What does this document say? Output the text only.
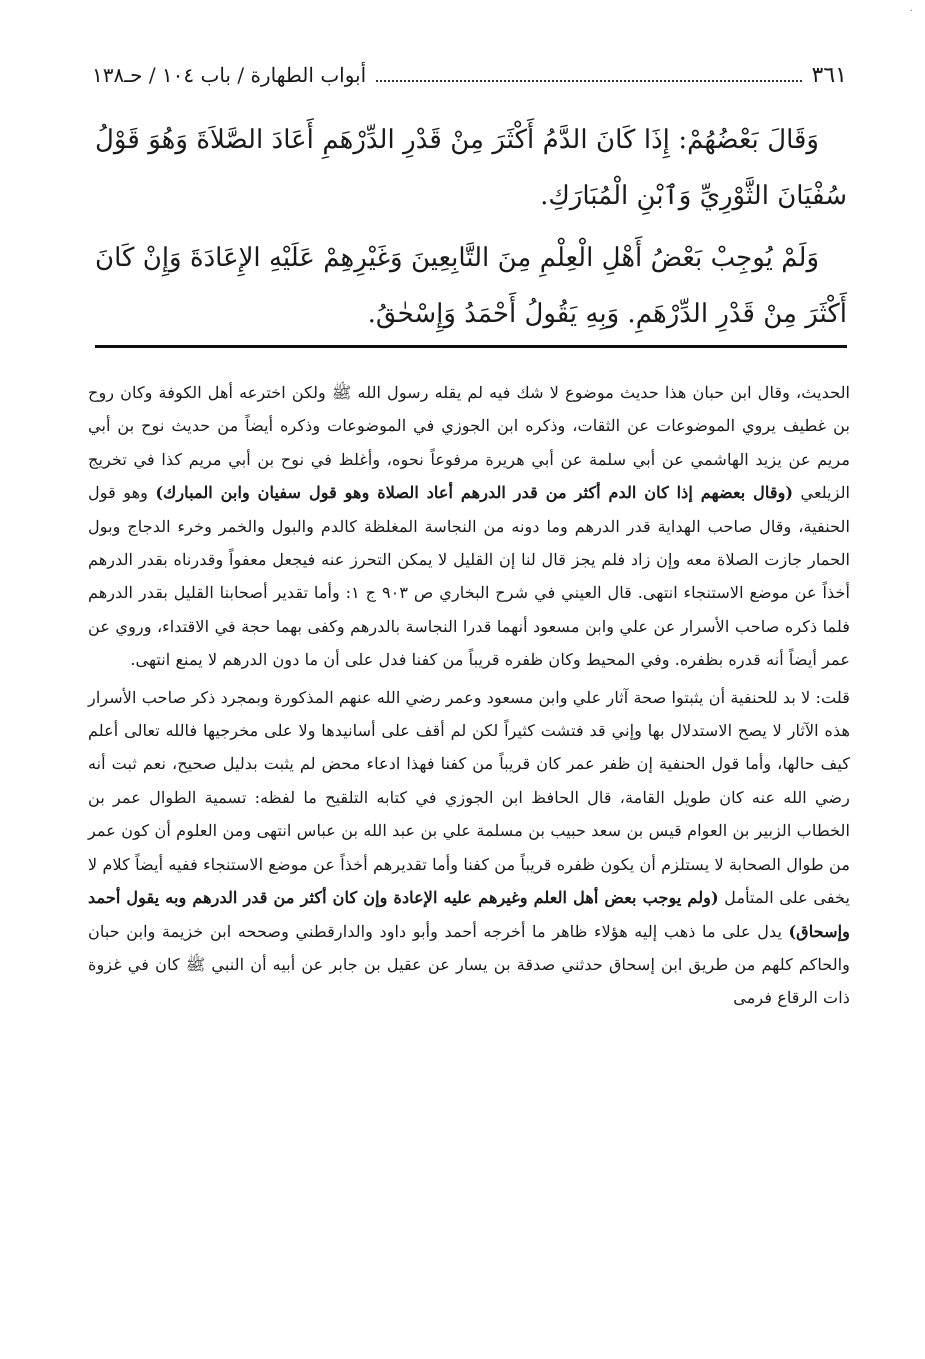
أبواب الطهارة / باب ١٠٤ / حـ١٣٨	٣٦١

وَقَالَ بَعْضُهُمْ: إِذَا كَانَ الدَّمُ أَكْثَرَ مِنْ قَدْرِ الدِّرْهَمِ أَعَادَ الصَّلاَةَ وَهُوَ قَوْلُ سُفْيَانَ الثَّوْرِيِّ وَٱبْنِ الْمُبَارَكِ.

وَلَمْ يُوجِبْ بَعْضُ أَهْلِ الْعِلْمِ مِنَ التَّابِعِينَ وَغَيْرِهِمْ عَلَيْهِ الإِعَادَةَ وَإِنْ كَانَ أَكْثَرَ مِنْ قَدْرِ الدِّرْهَمِ. وَبِهِ يَقُولُ أَحْمَدُ وَإِسْحٰقُ.

الحديث، وقال ابن حبان هذا حديث موضوع لا شك فيه لم يقله رسول الله ﷺ ولكن اخترعه أهل الكوفة وكان روح بن غطيف يروي الموضوعات عن الثقات، وذكره ابن الجوزي في الموضوعات وذكره أيضاً من حديث نوح بن أبي مريم عن يزيد الهاشمي عن أبي سلمة عن أبي هريرة مرفوعاً نحوه، وأغلظ في نوح بن أبي مريم كذا في تخريج الزيلعي (وقال بعضهم إذا كان الدم أكثر من قدر الدرهم أعاد الصلاة وهو قول سفيان وابن المبارك) وهو قول الحنفية، وقال صاحب الهداية قدر الدرهم وما دونه من النجاسة المغلظة كالدم والبول والخمر وخرء الدجاج وبول الحمار جازت الصلاة معه وإن زاد فلم يجز قال لنا إن القليل لا يمكن التحرز عنه فيجعل معفواً وقدرناه بقدر الدرهم أخذاً عن موضع الاستنجاء انتهى. قال العيني في شرح البخاري ص ٩٠٣ ج ١: وأما تقدير أصحابنا القليل بقدر الدرهم فلما ذكره صاحب الأسرار عن علي وابن مسعود أنهما قدرا النجاسة بالدرهم وكفى بهما حجة في الاقتداء، وروي عن عمر أيضاً أنه قدره بظفره. وفي المحيط وكان ظفره قريباً من كفنا فدل على أن ما دون الدرهم لا يمنع انتهى.

قلت: لا بد للحنفية أن يثبتوا صحة آثار علي وابن مسعود وعمر رضي الله عنهم المذكورة وبمجرد ذكر صاحب الأسرار هذه الآثار لا يصح الاستدلال بها وإني قد فتشت كثيراً لكن لم أقف على أسانيدها ولا على مخرجيها فالله تعالى أعلم كيف حالها، وأما قول الحنفية إن ظفر عمر كان قريباً من كفنا فهذا ادعاء محض لم يثبت بدليل صحيح، نعم ثبت أنه رضي الله عنه كان طويل القامة، قال الحافظ ابن الجوزي في كتابه التلقيح ما لفظه: تسمية الطوال عمر بن الخطاب الزبير بن العوام قيس بن سعد حبيب بن مسلمة علي بن عبد الله بن عباس انتهى ومن العلوم أن كون عمر من طوال الصحابة لا يستلزم أن يكون ظفره قريباً من كفنا وأما تقديرهم أخذاً عن موضع الاستنجاء ففيه أيضاً كلام لا يخفى على المتأمل (ولم يوجب بعض أهل العلم وغيرهم عليه الإعادة وإن كان أكثر من قدر الدرهم وبه يقول أحمد وإسحاق) يدل على ما ذهب إليه هؤلاء ظاهر ما أخرجه أحمد وأبو داود والدارقطني وصححه ابن خزيمة وابن حبان والحاكم كلهم من طريق ابن إسحاق حدثني صدقة بن يسار عن عقيل بن جابر عن أبيه أن النبي ﷺ كان في غزوة ذات الرقاع فرمى

·
